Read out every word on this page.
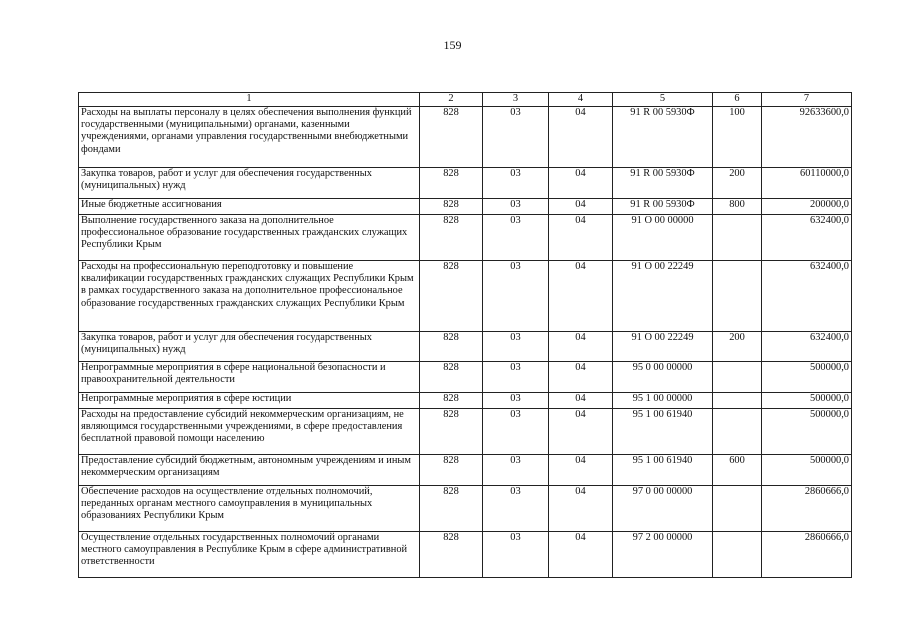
159
1	2	3	4	5	6	7
Расходы на выплаты персоналу в целях обеспечения выполнения функций государственными (муниципальными) органами, казенными учреждениями, органами управления государственными внебюджетными фондами	828	03	04	91 R 00 5930Ф	100	92633600,0
Закупка товаров, работ и услуг для обеспечения государственных (муниципальных) нужд	828	03	04	91 R 00 5930Ф	200	60110000,0
Иные бюджетные ассигнования	828	03	04	91 R 00 5930Ф	800	200000,0
Выполнение государственного заказа на дополнительное профессиональное образование государственных гражданских служащих Республики Крым	828	03	04	91 О 00 00000		632400,0
Расходы на профессиональную переподготовку и повышение квалификации государственных гражданских служащих Республики Крым в рамках государственного заказа на дополнительное профессиональное образование государственных гражданских служащих Республики Крым	828	03	04	91 О 00 22249		632400,0
Закупка товаров, работ и услуг для обеспечения государственных (муниципальных) нужд	828	03	04	91 О 00 22249	200	632400,0
Непрограммные мероприятия в сфере национальной безопасности и правоохранительной деятельности	828	03	04	95 0 00 00000		500000,0
Непрограммные мероприятия в сфере юстиции	828	03	04	95 1 00 00000		500000,0
Расходы на предоставление субсидий некоммерческим организациям, не являющимся государственными учреждениями, в сфере предоставления бесплатной правовой помощи населению	828	03	04	95 1 00 61940		500000,0
Предоставление субсидий бюджетным, автономным учреждениям и иным некоммерческим организациям	828	03	04	95 1 00 61940	600	500000,0
Обеспечение расходов на осуществление отдельных полномочий, переданных органам местного самоуправления в муниципальных образованиях Республики Крым	828	03	04	97 0 00 00000		2860666,0
Осуществление отдельных государственных полномочий органами местного самоуправления в Республике Крым в сфере административной ответственности	828	03	04	97 2 00 00000		2860666,0
